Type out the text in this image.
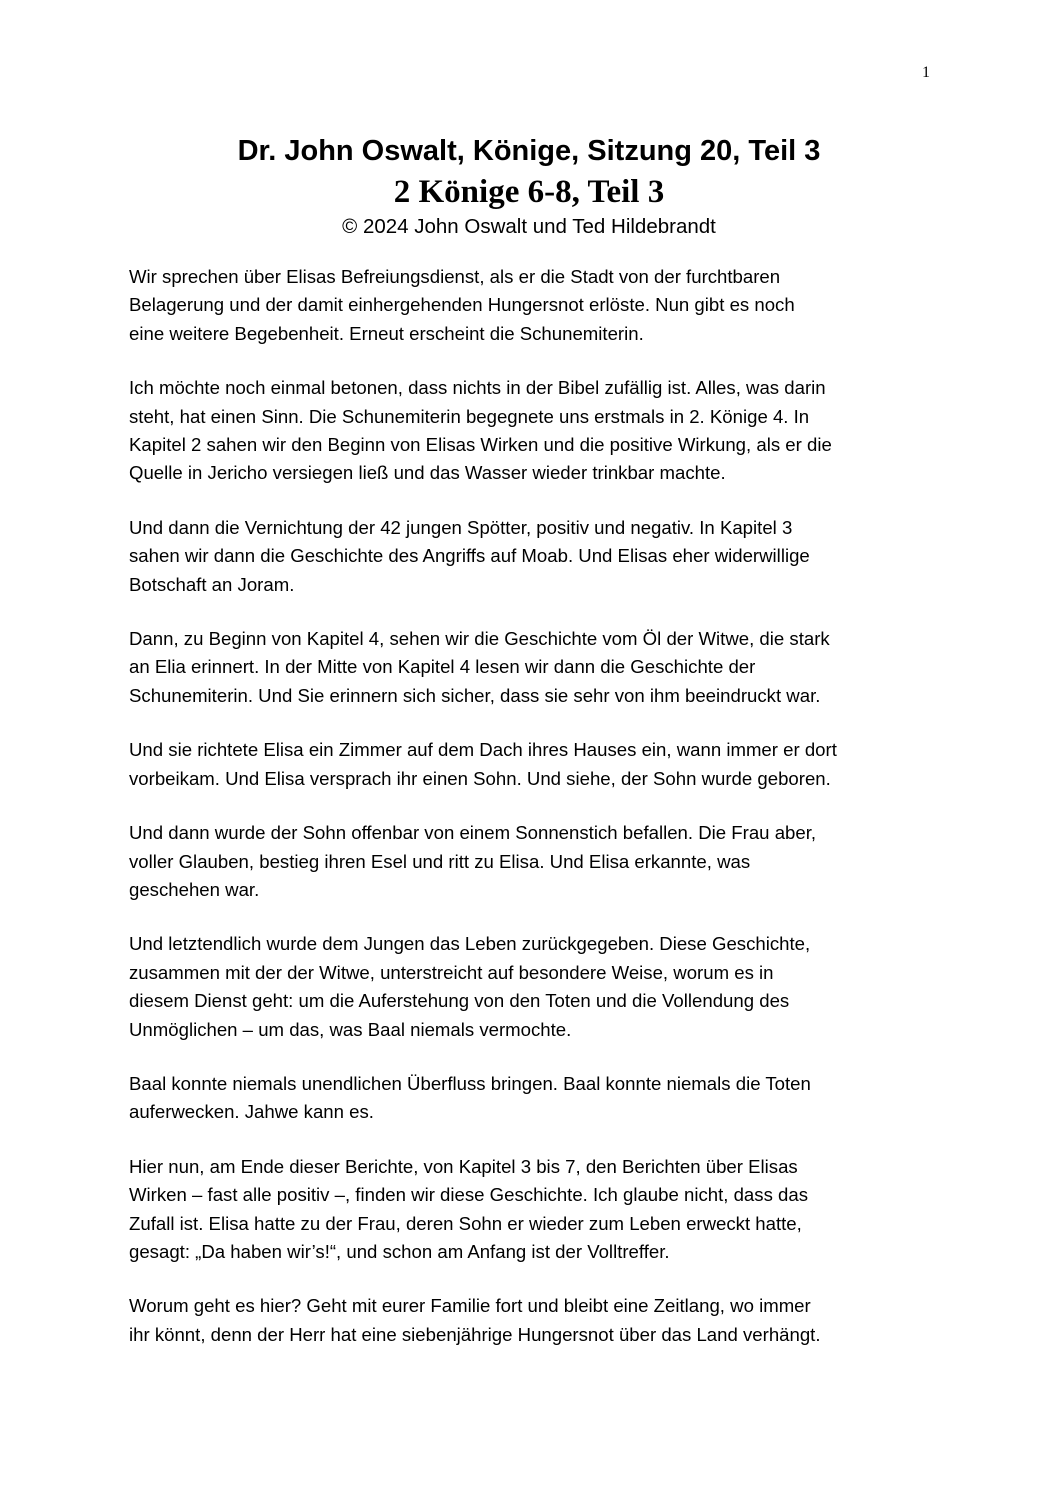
1

Dr. John Oswalt, Könige, Sitzung 20, Teil 3

2 Könige 6-8, Teil 3

© 2024 John Oswalt und Ted Hildebrandt

Wir sprechen über Elisas Befreiungsdienst, als er die Stadt von der furchtbaren
Belagerung und der damit einhergehenden Hungersnot erlöste. Nun gibt es noch
eine weitere Begebenheit. Erneut erscheint die Schunemiterin.

Ich möchte noch einmal betonen, dass nichts in der Bibel zufällig ist. Alles, was darin
steht, hat einen Sinn. Die Schunemiterin begegnete uns erstmals in 2. Könige 4. In
Kapitel 2 sahen wir den Beginn von Elisas Wirken und die positive Wirkung, als er die
Quelle in Jericho versiegen ließ und das Wasser wieder trinkbar machte.

Und dann die Vernichtung der 42 jungen Spötter, positiv und negativ. In Kapitel 3
sahen wir dann die Geschichte des Angriffs auf Moab. Und Elisas eher widerwillige
Botschaft an Joram.

Dann, zu Beginn von Kapitel 4, sehen wir die Geschichte vom Öl der Witwe, die stark
an Elia erinnert. In der Mitte von Kapitel 4 lesen wir dann die Geschichte der
Schunemiterin. Und Sie erinnern sich sicher, dass sie sehr von ihm beeindruckt war.

Und sie richtete Elisa ein Zimmer auf dem Dach ihres Hauses ein, wann immer er dort
vorbeikam. Und Elisa versprach ihr einen Sohn. Und siehe, der Sohn wurde geboren.

Und dann wurde der Sohn offenbar von einem Sonnenstich befallen. Die Frau aber,
voller Glauben, bestieg ihren Esel und ritt zu Elisa. Und Elisa erkannte, was
geschehen war.

Und letztendlich wurde dem Jungen das Leben zurückgegeben. Diese Geschichte,
zusammen mit der der Witwe, unterstreicht auf besondere Weise, worum es in
diesem Dienst geht: um die Auferstehung von den Toten und die Vollendung des
Unmöglichen – um das, was Baal niemals vermochte.

Baal konnte niemals unendlichen Überfluss bringen. Baal konnte niemals die Toten
auferwecken. Jahwe kann es.

Hier nun, am Ende dieser Berichte, von Kapitel 3 bis 7, den Berichten über Elisas
Wirken – fast alle positiv –, finden wir diese Geschichte. Ich glaube nicht, dass das
Zufall ist. Elisa hatte zu der Frau, deren Sohn er wieder zum Leben erweckt hatte,
gesagt: „Da haben wir’s!“, und schon am Anfang ist der Volltreffer.

Worum geht es hier? Geht mit eurer Familie fort und bleibt eine Zeitlang, wo immer
ihr könnt, denn der Herr hat eine siebenjährige Hungersnot über das Land verhängt.
